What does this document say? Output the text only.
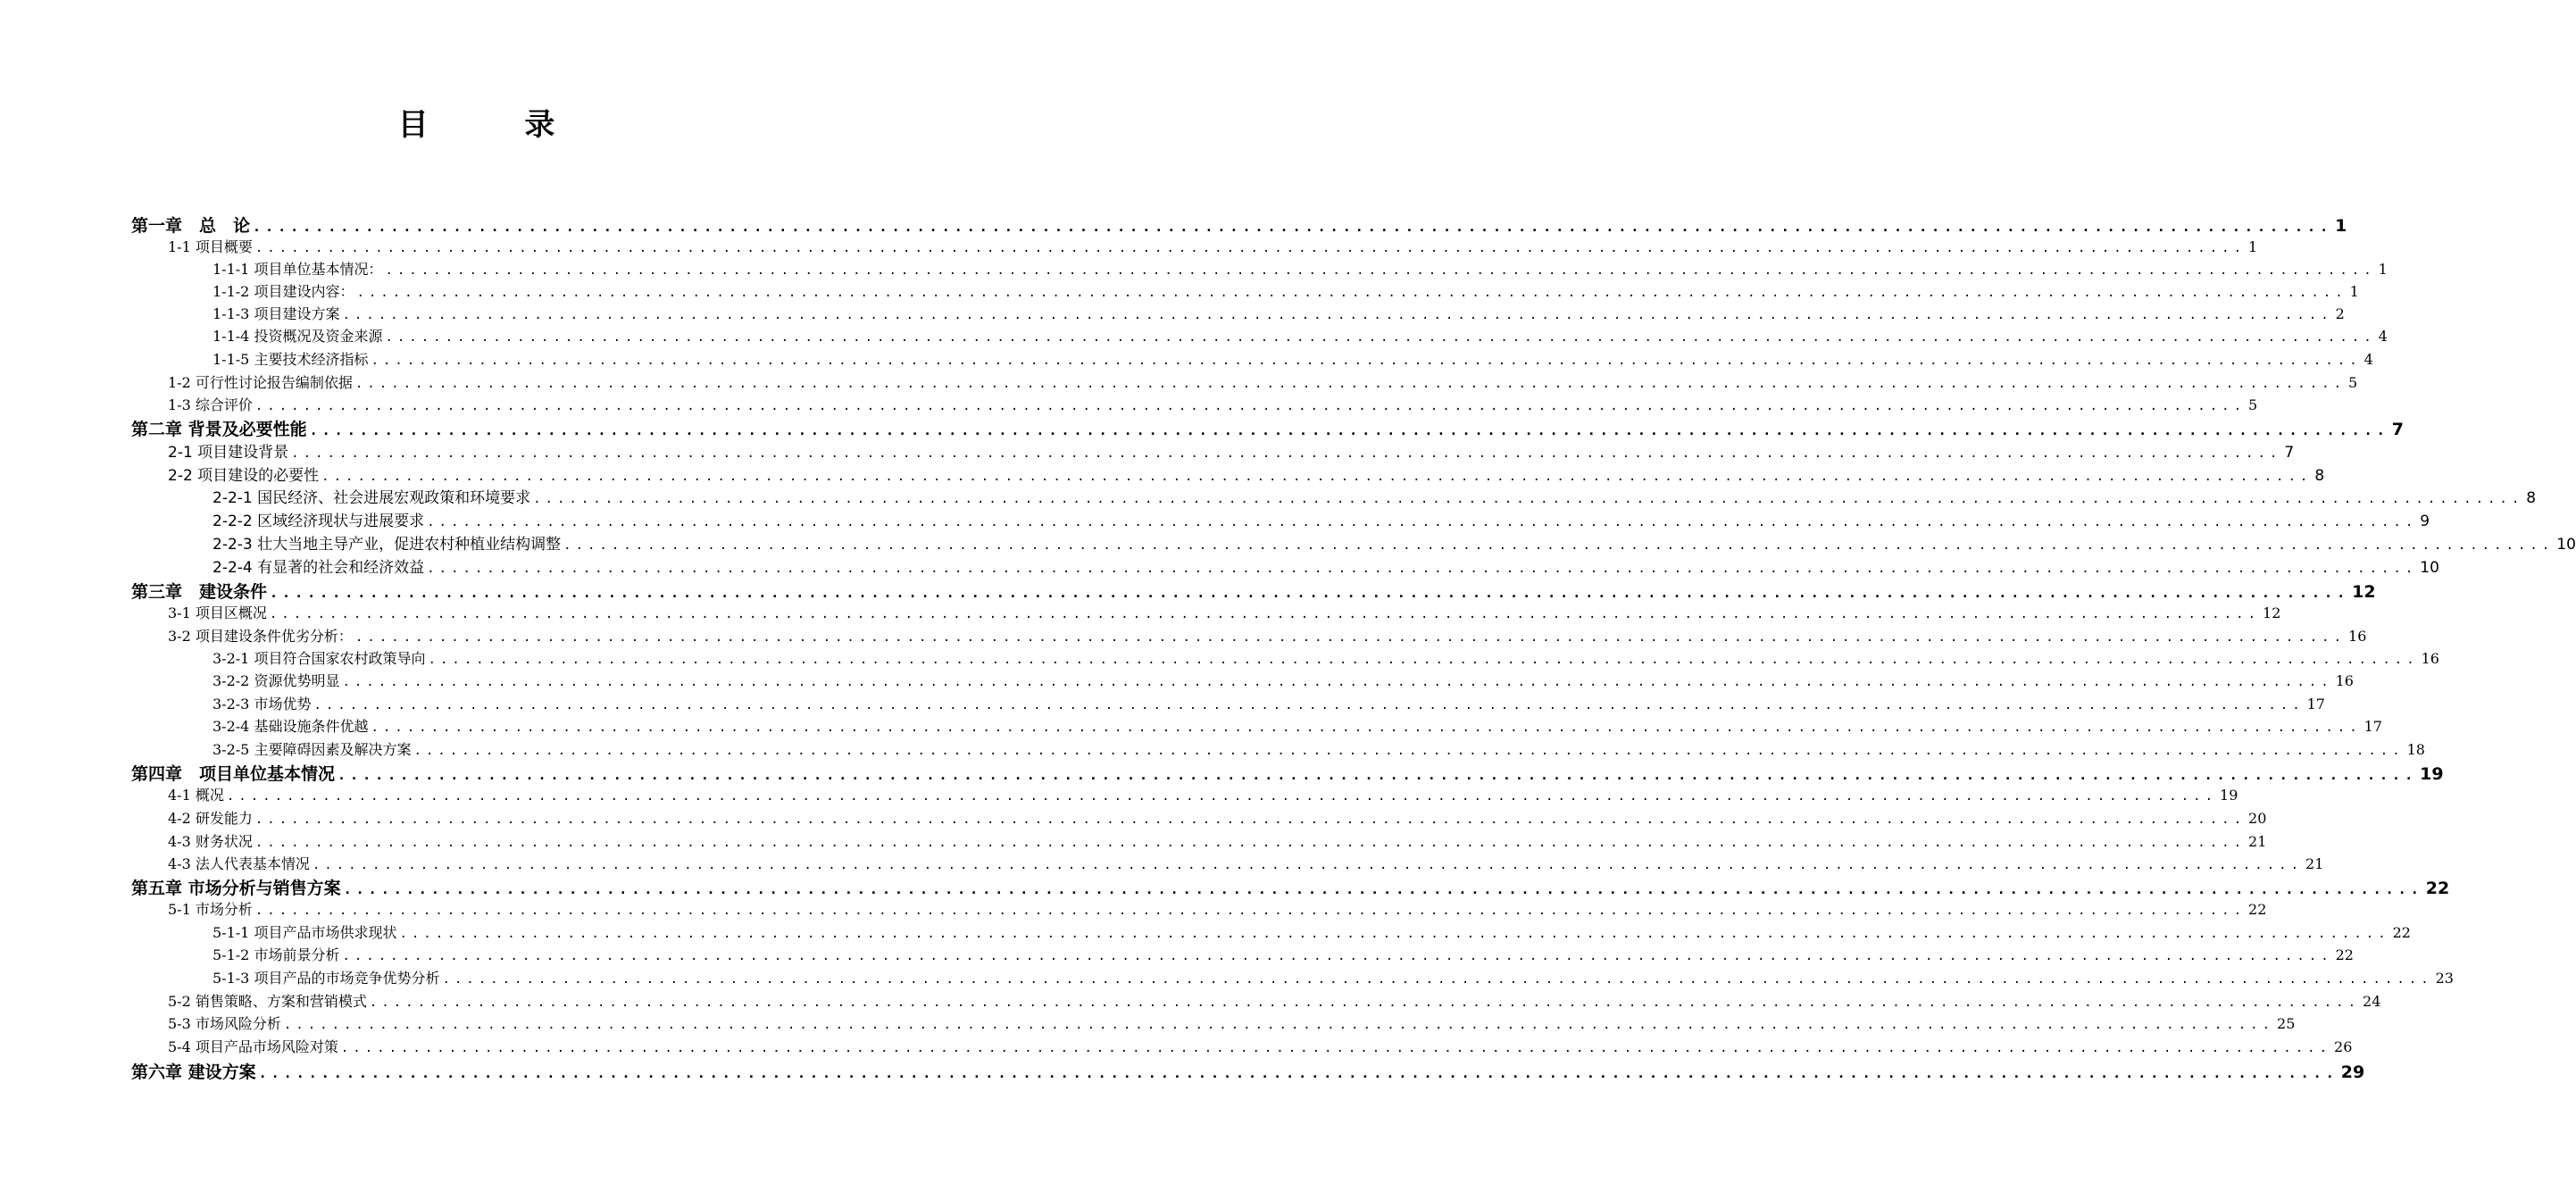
目 录
第一章　总　论 ...................................................................................................................................................................... 1
1-1 项目概要 ...................................................................................................................................................................... 1
1-1-1 项目单位基本情况： ...................................................................................................................................................................... 1
1-1-2 项目建设内容： ...................................................................................................................................................................... 1
1-1-3 项目建设方案 ...................................................................................................................................................................... 2
1-1-4 投资概况及资金来源 ...................................................................................................................................................................... 4
1-1-5 主要技术经济指标 ...................................................................................................................................................................... 4
1-2 可行性讨论报告编制依据 ...................................................................................................................................................................... 5
1-3 综合评价 ...................................................................................................................................................................... 5
第二章 背景及必要性能 ...................................................................................................................................................................... 7
2-1 项目建设背景 ...................................................................................................................................................................... 7
2-2 项目建设的必要性 ...................................................................................................................................................................... 8
2-2-1 国民经济、社会进展宏观政策和环境要求 ...................................................................................................................................................................... 8
2-2-2 区域经济现状与进展要求 ...................................................................................................................................................................... 9
2-2-3 壮大当地主导产业，促进农村种植业结构调整 ...................................................................................................................................................................... 10
2-2-4 有显著的社会和经济效益 ...................................................................................................................................................................... 10
第三章　建设条件 ...................................................................................................................................................................... 12
3-1 项目区概况 ...................................................................................................................................................................... 12
3-2 项目建设条件优劣分析： ...................................................................................................................................................................... 16
3-2-1 项目符合国家农村政策导向 ...................................................................................................................................................................... 16
3-2-2 资源优势明显 ...................................................................................................................................................................... 16
3-2-3 市场优势 ...................................................................................................................................................................... 17
3-2-4 基础设施条件优越 ...................................................................................................................................................................... 17
3-2-5 主要障碍因素及解决方案 ...................................................................................................................................................................... 18
第四章　项目单位基本情况 ...................................................................................................................................................................... 19
4-1 概况 ...................................................................................................................................................................... 19
4-2 研发能力 ...................................................................................................................................................................... 20
4-3 财务状况 ...................................................................................................................................................................... 21
4-3 法人代表基本情况 ...................................................................................................................................................................... 21
第五章 市场分析与销售方案 ...................................................................................................................................................................... 22
5-1 市场分析 ...................................................................................................................................................................... 22
5-1-1 项目产品市场供求现状 ...................................................................................................................................................................... 22
5-1-2 市场前景分析 ...................................................................................................................................................................... 22
5-1-3 项目产品的市场竞争优势分析 ...................................................................................................................................................................... 23
5-2 销售策略、方案和营销模式 ...................................................................................................................................................................... 24
5-3 市场风险分析 ...................................................................................................................................................................... 25
5-4 项目产品市场风险对策 ...................................................................................................................................................................... 26
第六章 建设方案 ...................................................................................................................................................................... 29
